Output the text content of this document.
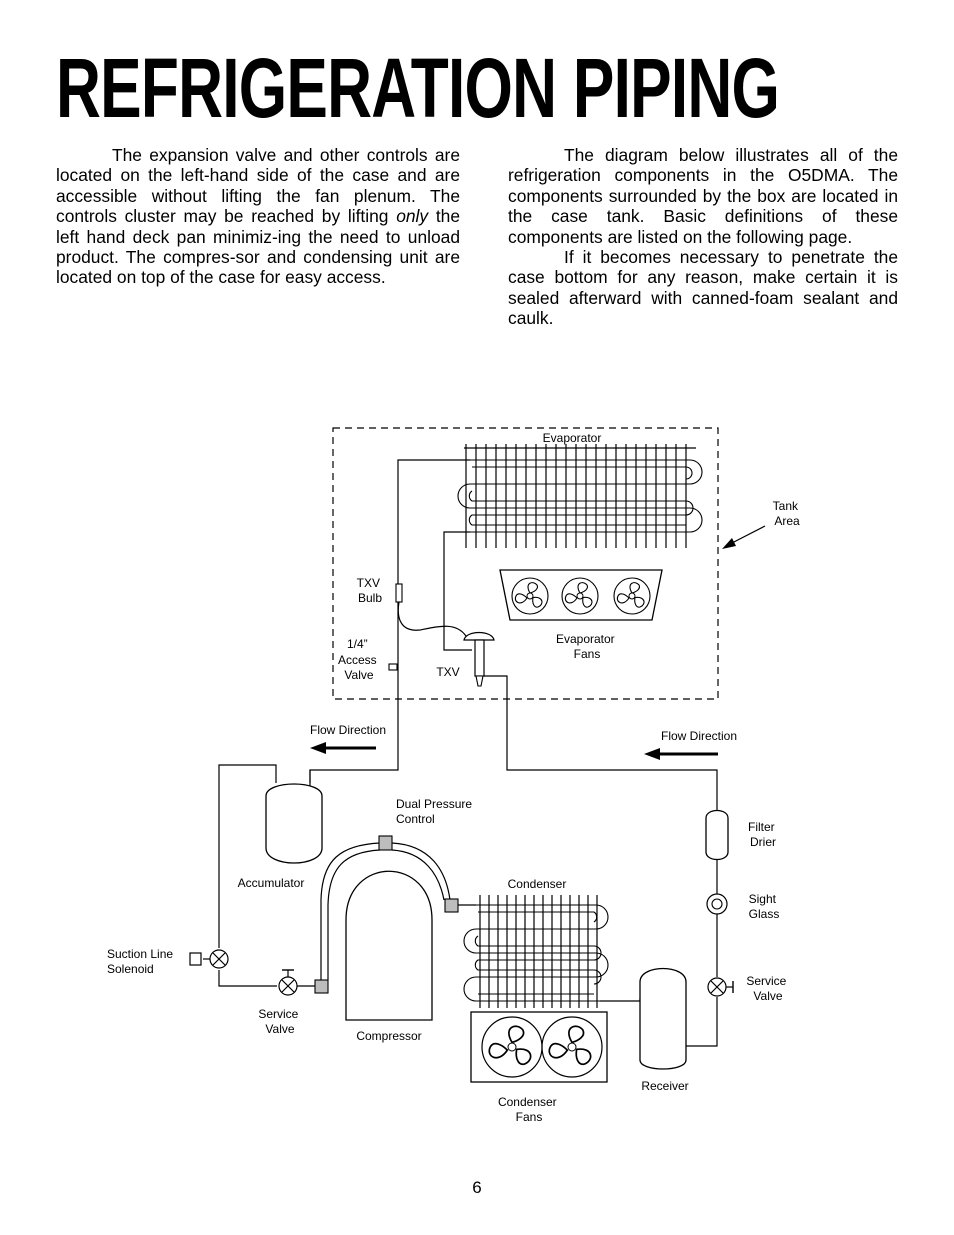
REFRIGERATION PIPING

The expansion valve and other controls are located on the left-hand side of the case and are accessible without lifting the fan plenum. The controls cluster may be reached by lifting only the left hand deck pan minimiz-ing the need to unload product. The compres-sor and condensing unit are located on top of the case for easy access.

The diagram below illustrates all of the refrigeration components in the O5DMA. The components surrounded by the box are located in the case tank. Basic definitions of these components are listed on the following page.

If it becomes necessary to penetrate the case bottom for any reason, make certain it is sealed afterward with canned-foam sealant and caulk.

Evaporator
Tank Area
TXV Bulb
1/4” Access Valve	TXV
Evaporator Fans
Flow Direction	Flow Direction
Dual Pressure Control
Filter Drier
Accumulator	Condenser
Sight Glass
Suction Line Solenoid
Service Valve
Service Valve	Compressor
Receiver
Condenser Fans
6
